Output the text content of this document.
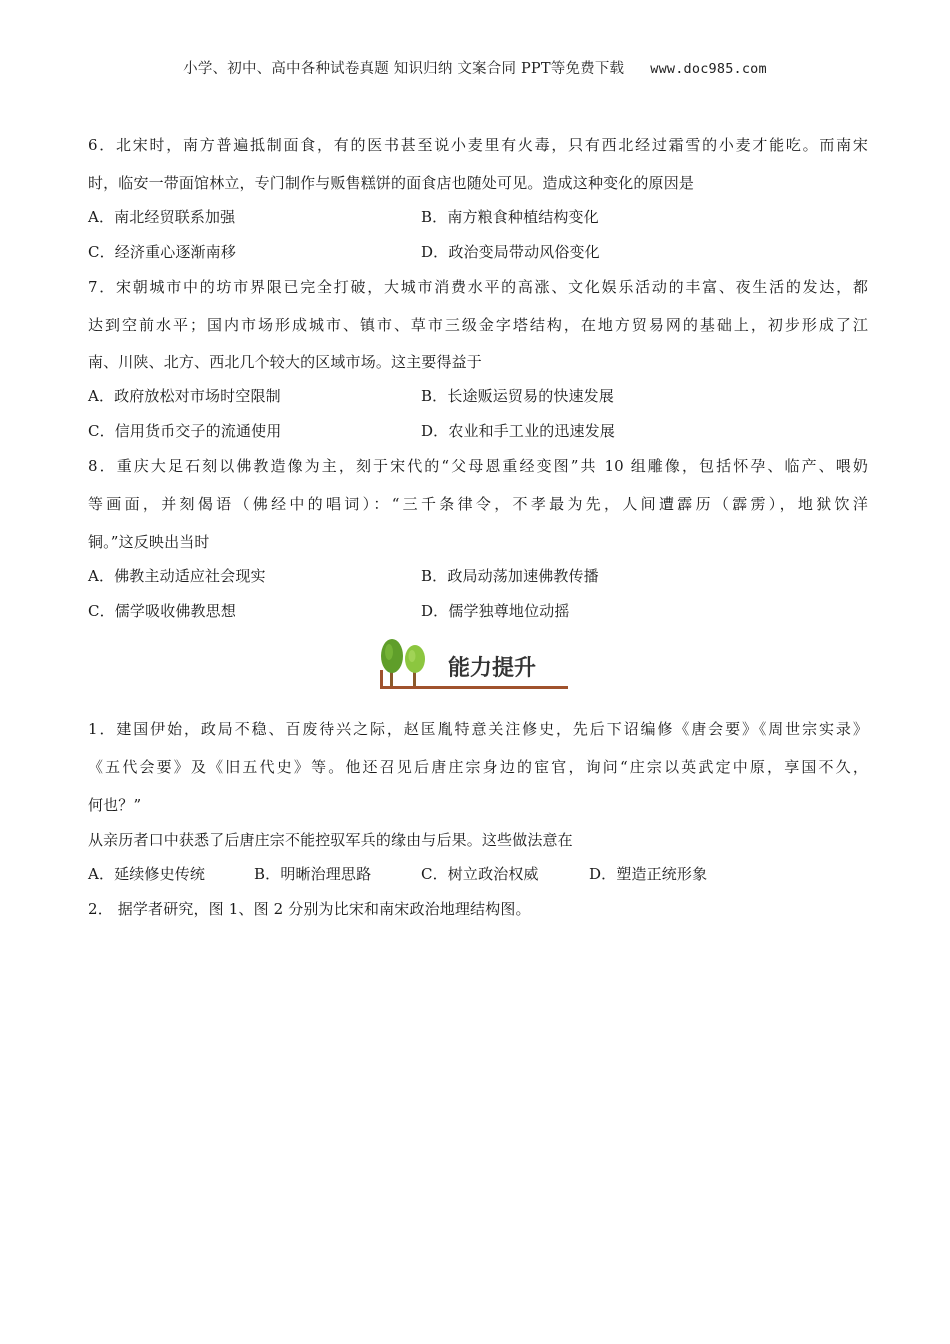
小学、初中、高中各种试卷真题 知识归纳 文案合同 PPT等免费下载 www.doc985.com
6．北宋时，南方普遍抵制面食，有的医书甚至说小麦里有火毒，只有西北经过霜雪的小麦才能吃。而南宋
时，临安一带面馆林立，专门制作与贩售糕饼的面食店也随处可见。造成这种变化的原因是
A．南北经贸联系加强	B．南方粮食种植结构变化
C．经济重心逐渐南移	D．政治变局带动风俗变化
7．宋朝城市中的坊市界限已完全打破，大城市消费水平的高涨、文化娱乐活动的丰富、夜生活的发达，都
达到空前水平；国内市场形成城市、镇市、草市三级金字塔结构，在地方贸易网的基础上，初步形成了江
南、川陕、北方、西北几个较大的区域市场。这主要得益于
A．政府放松对市场时空限制	B．长途贩运贸易的快速发展
C．信用货币交子的流通使用	D．农业和手工业的迅速发展
8．重庆大足石刻以佛教造像为主，刻于宋代的“父母恩重经变图”共 10 组雕像，包括怀孕、临产、喂奶
等画面，并刻偈语（佛经中的唱词）：“三千条律令，不孝最为先，人间遭霹历（霹雳），地狱饮洋
铜。”这反映出当时
A．佛教主动适应社会现实	B．政局动荡加速佛教传播
C．儒学吸收佛教思想	D．儒学独尊地位动摇
能力提升
1．建国伊始，政局不稳、百废待兴之际，赵匡胤特意关注修史，先后下诏编修《唐会要》《周世宗实录》
《五代会要》及《旧五代史》等。他还召见后唐庄宗身边的宦官，询问“庄宗以英武定中原，享国不久，
何也？”
从亲历者口中获悉了后唐庄宗不能控驭军兵的缘由与后果。这些做法意在
A．延续修史传统	B．明晰治理思路	C．树立政治权威	D．塑造正统形象
2． 据学者研究，图 1、图 2 分别为比宋和南宋政治地理结构图。
